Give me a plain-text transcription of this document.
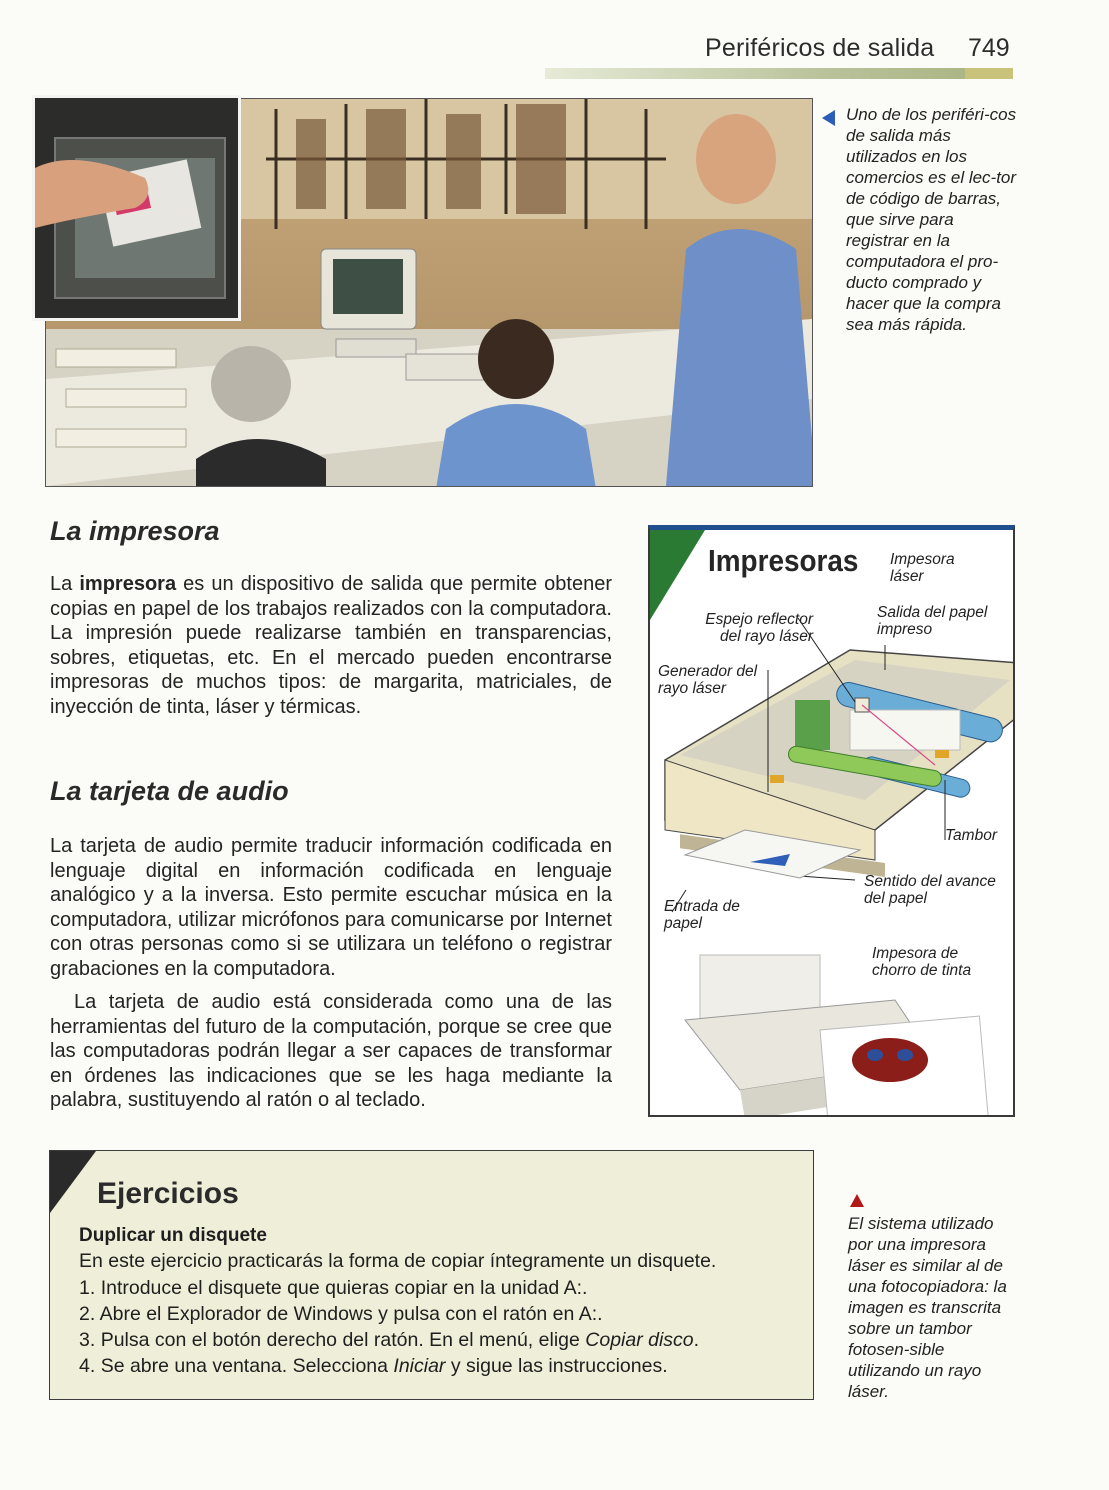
Periféricos de salida 749
Uno de los periféri-cos de salida más utilizados en los comercios es el lec-tor de código de barras, que sirve para registrar en la computadora el pro-ducto comprado y hacer que la compra sea más rápida.
La impresora

La impresora es un dispositivo de salida que permite obtener copias en papel de los trabajos realizados con la computadora. La impresión puede realizarse también en transparencias, sobres, etiquetas, etc. En el mercado pueden encontrarse impresoras de muchos tipos: de margarita, matriciales, de inyección de tinta, láser y térmicas.

La tarjeta de audio

La tarjeta de audio permite traducir información codificada en lenguaje digital en información codificada en lenguaje analógico y a la inversa. Esto permite escuchar música en la computadora, utilizar micrófonos para comunicarse por Internet con otras personas como si se utilizara un teléfono o registrar grabaciones en la computadora.

La tarjeta de audio está considerada como una de las herramientas del futuro de la computación, porque se cree que las computadoras podrán llegar a ser capaces de transformar en órdenes las indicaciones que se les haga mediante la palabra, sustituyendo al ratón o al teclado.

Impresoras Impesora láser
Espejo reflector del rayo láser
Salida del papel impreso
Generador del rayo láser
Tambor
Sentido del avance del papel
Entrada de papel
Impesora de chorro de tinta
Ejercicios
Duplicar un disquete
En este ejercicio practicarás la forma de copiar íntegramente un disquete.
1. Introduce el disquete que quieras copiar en la unidad A:.
2. Abre el Explorador de Windows y pulsa con el ratón en A:.
3. Pulsa con el botón derecho del ratón. En el menú, elige Copiar disco.
4. Se abre una ventana. Selecciona Iniciar y sigue las instrucciones.
El sistema utilizado por una impresora láser es similar al de una fotocopiadora: la imagen es transcrita sobre un tambor fotosen-sible utilizando un rayo láser.
